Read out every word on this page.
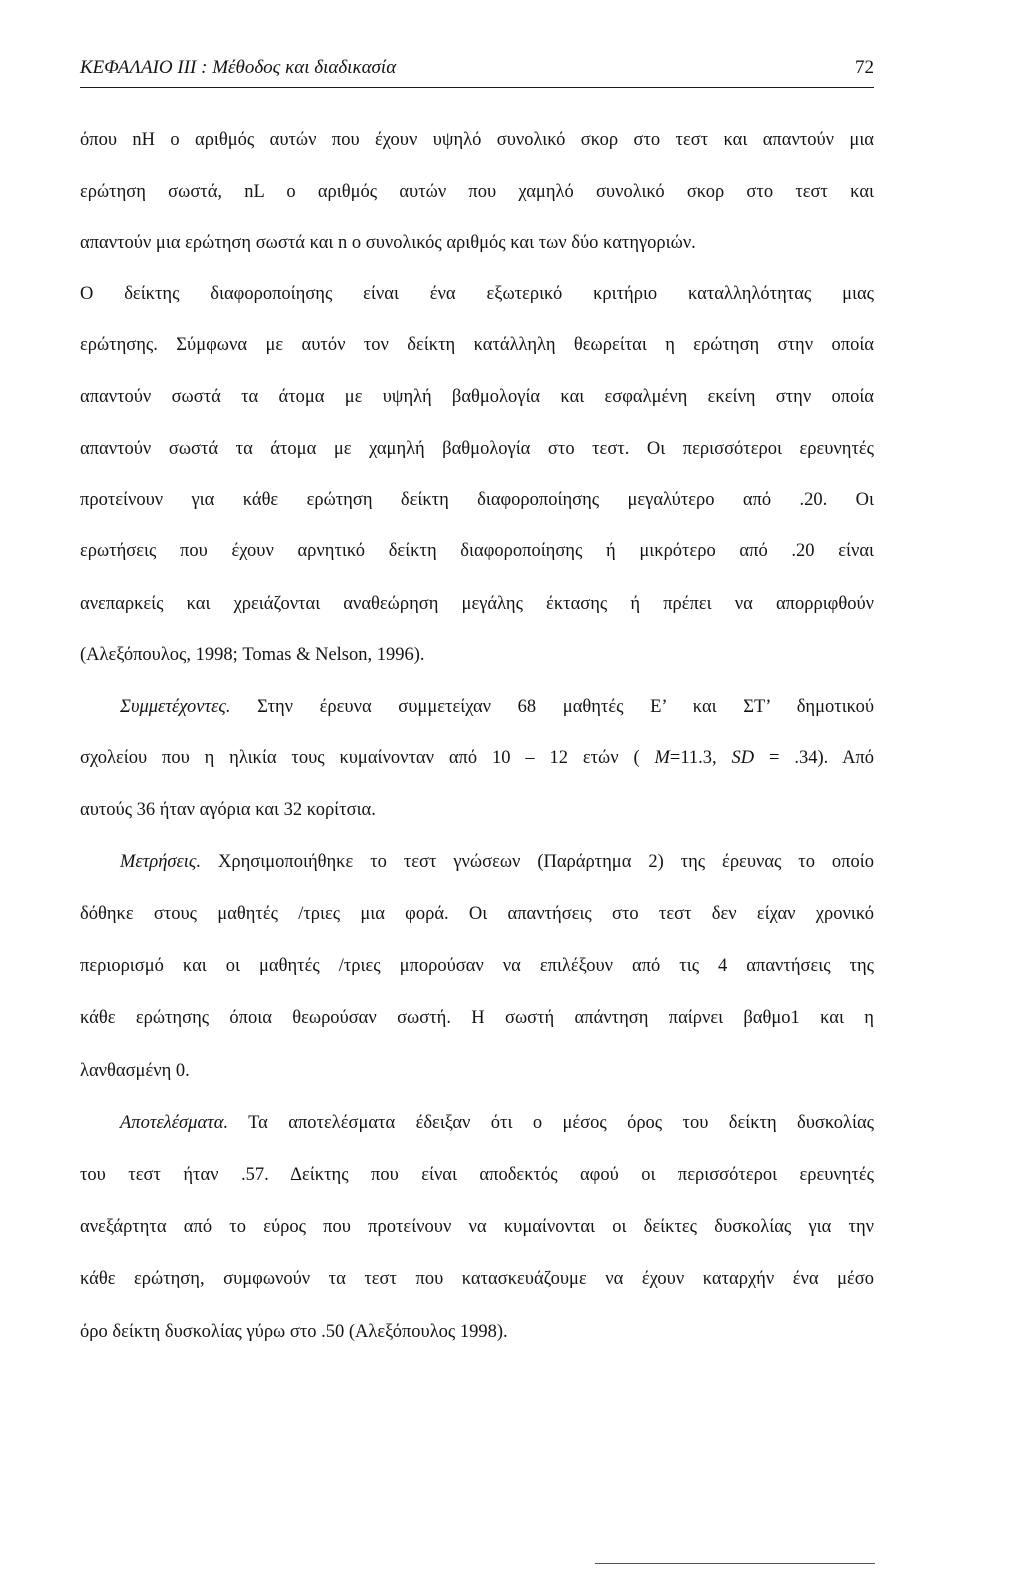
ΚΕΦΑΛΑΙΟ ΙΙΙ : Μέθοδος και διαδικασία	72
όπου nH ο αριθμός αυτών που έχουν υψηλό συνολικό σκορ στο τεστ και απαντούν μια
ερώτηση σωστά, nL ο αριθμός αυτών που χαμηλό συνολικό σκορ στο τεστ και
απαντούν μια ερώτηση σωστά και n ο συνολικός αριθμός και των δύο κατηγοριών.
Ο δείκτης διαφοροποίησης είναι ένα εξωτερικό κριτήριο καταλληλότητας μιας
ερώτησης. Σύμφωνα με αυτόν τον δείκτη κατάλληλη θεωρείται η ερώτηση στην οποία
απαντούν σωστά τα άτομα με υψηλή βαθμολογία και εσφαλμένη εκείνη στην οποία
απαντούν σωστά τα άτομα με χαμηλή βαθμολογία στο τεστ. Οι περισσότεροι ερευνητές
προτείνουν για κάθε ερώτηση δείκτη διαφοροποίησης μεγαλύτερο από .20. Οι
ερωτήσεις που έχουν αρνητικό δείκτη διαφοροποίησης ή μικρότερο από .20 είναι
ανεπαρκείς και χρειάζονται αναθεώρηση μεγάλης έκτασης ή πρέπει να απορριφθούν
(Αλεξόπουλος, 1998; Tomas & Nelson, 1996).
Συμμετέχοντες. Στην έρευνα συμμετείχαν 68 μαθητές Ε’ και ΣΤ’ δημοτικού
σχολείου που η ηλικία τους κυμαίνονταν από 10 – 12 ετών ( M=11.3, SD = .34). Από
αυτούς 36 ήταν αγόρια και 32 κορίτσια.
Μετρήσεις. Χρησιμοποιήθηκε το τεστ γνώσεων (Παράρτημα 2) της έρευνας το οποίο
δόθηκε στους μαθητές /τριες μια φορά. Οι απαντήσεις στο τεστ δεν είχαν χρονικό
περιορισμό και οι μαθητές /τριες μπορούσαν να επιλέξουν από τις 4 απαντήσεις της
κάθε ερώτησης όποια θεωρούσαν σωστή. Η σωστή απάντηση παίρνει βαθμο1 και η
λανθασμένη 0.
Αποτελέσματα. Τα αποτελέσματα έδειξαν ότι ο μέσος όρος του δείκτη δυσκολίας
του τεστ ήταν .57. Δείκτης που είναι αποδεκτός αφού οι περισσότεροι ερευνητές
ανεξάρτητα από το εύρος που προτείνουν να κυμαίνονται οι δείκτες δυσκολίας για την
κάθε ερώτηση, συμφωνούν τα τεστ που κατασκευάζουμε να έχουν καταρχήν ένα μέσο
όρο δείκτη δυσκολίας γύρω στο .50 (Αλεξόπουλος 1998).
